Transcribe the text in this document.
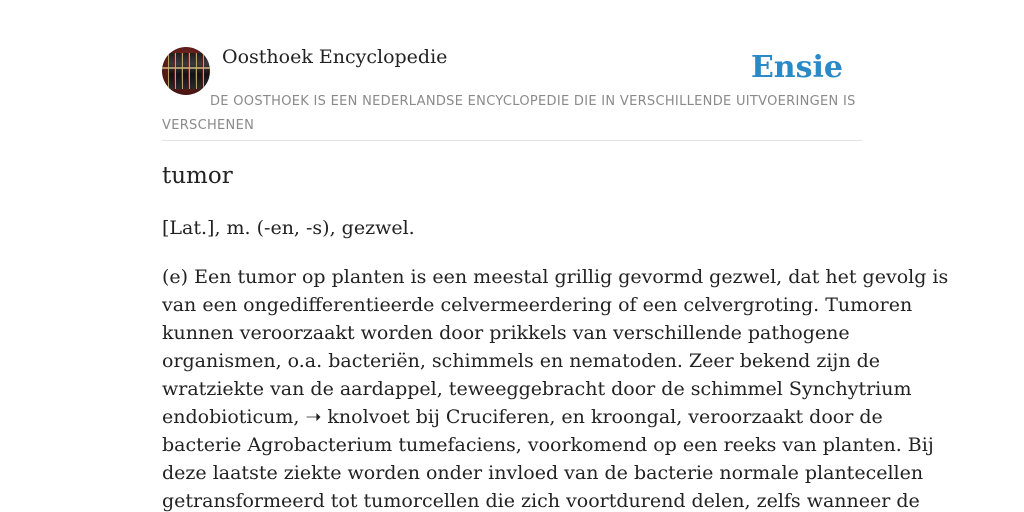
Oosthoek Encyclopedie	Ensie
DE OOSTHOEK IS EEN NEDERLANDSE ENCYCLOPEDIE DIE IN VERSCHILLENDE UITVOERINGEN IS VERSCHENEN
tumor

[Lat.], m. (-en, -s), gezwel.

(e) Een tumor op planten is een meestal grillig gevormd gezwel, dat het gevolg is
van een ongedifferentieerde celvermeerdering of een celvergroting. Tumoren
kunnen veroorzaakt worden door prikkels van verschillende pathogene
organismen, o.a. bacteriën, schimmels en nematoden. Zeer bekend zijn de
wratziekte van de aardappel, teweeggebracht door de schimmel Synchytrium
endobioticum, ➝ knolvoet bij Cruciferen, en kroongal, veroorzaakt door de
bacterie Agrobacterium tumefaciens, voorkomend op een reeks van planten. Bij
deze laatste ziekte worden onder invloed van de bacterie normale plantecellen
getransformeerd tot tumorcellen die zich voortdurend delen, zelfs wanneer de
